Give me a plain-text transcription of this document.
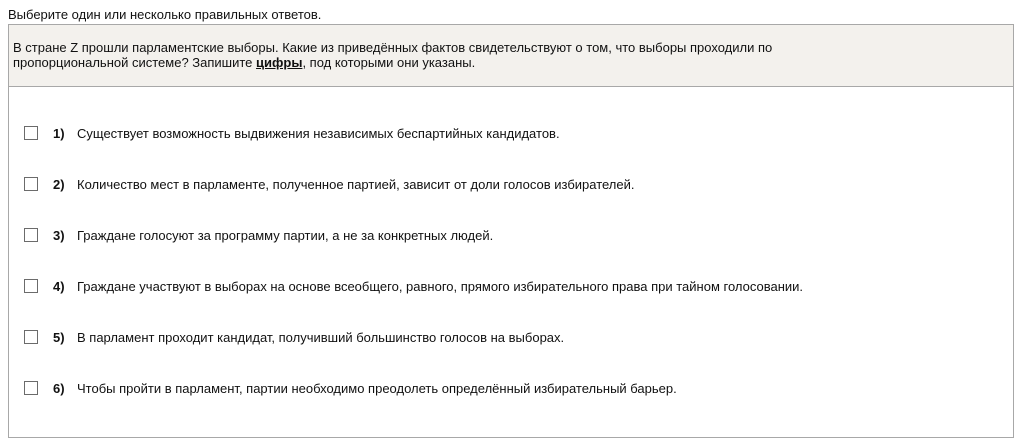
Выберите один или несколько правильных ответов.
В стране Z прошли парламентские выборы. Какие из приведённых фактов свидетельствуют о том, что выборы проходили по
пропорциональной системе? Запишите цифры, под которыми они указаны.
1) Существует возможность выдвижения независимых беспартийных кандидатов.
2) Количество мест в парламенте, полученное партией, зависит от доли голосов избирателей.
3) Граждане голосуют за программу партии, а не за конкретных людей.
4) Граждане участвуют в выборах на основе всеобщего, равного, прямого избирательного права при тайном голосовании.
5) В парламент проходит кандидат, получивший большинство голосов на выборах.
6) Чтобы пройти в парламент, партии необходимо преодолеть определённый избирательный барьер.
